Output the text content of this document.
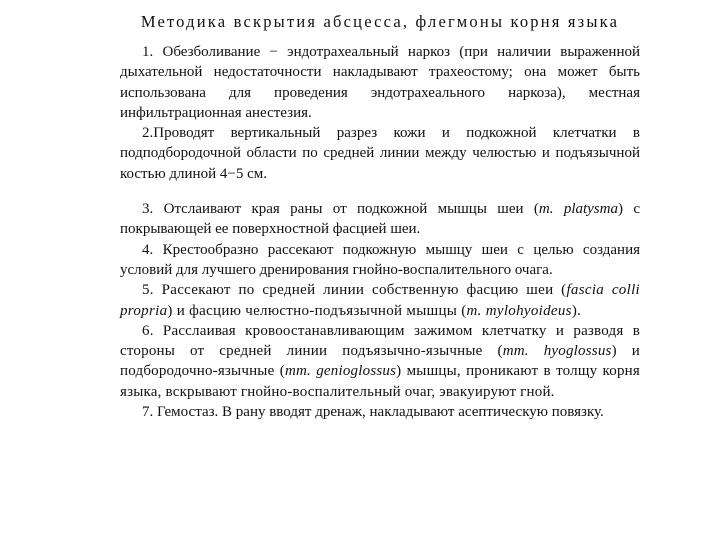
Методика вскрытия абсцесса, флегмоны корня языка

1. Обезболивание − эндотрахеальный наркоз (при наличии выраженной дыхательной недостаточности накладывают трахеостому; она может быть использована для проведения эндотрахеального наркоза), местная инфильтрационная анестезия.

2.Проводят вертикальный разрез кожи и подкожной клетчатки в подподбородочной области по средней линии между челюстью и подъязычной костью длиной 4−5 см.

3. Отслаивают края раны от подкожной мышцы шеи (m. platysma) с покрывающей ее поверхностной фасцией шеи.

4. Крестообразно рассекают подкожную мышцу шеи с целью создания условий для лучшего дренирования гнойно-воспалительного очага.

5. Рассекают по средней линии собственную фасцию шеи (fascia colli propria) и фасцию челюстно-подъязычной мышцы (m. mylohyoideus).

6. Расслаивая кровоостанавливающим зажимом клетчатку и разводя в стороны от средней линии подъязычно-язычные (mm. hyoglossus) и подбородочно-язычные (mm. genioglossus) мышцы, проникают в толщу корня языка, вскрывают гнойно-воспалительный очаг, эвакуируют гной.

7. Гемостаз. В рану вводят дренаж, накладывают асептическую повязку.
